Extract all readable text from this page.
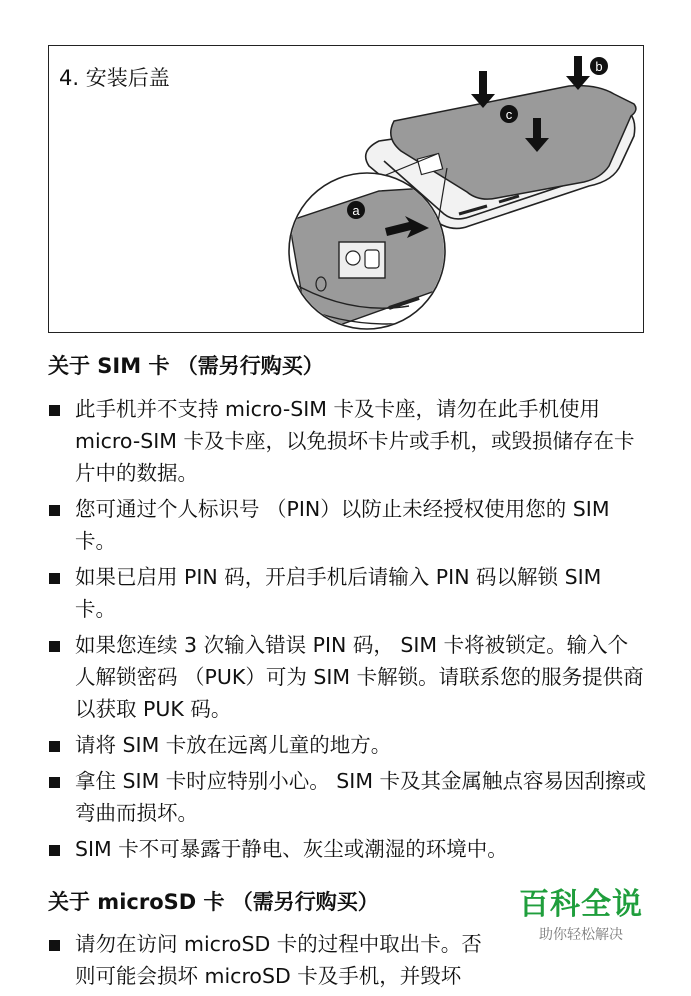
4. 安装后盖
a
b
c
关于 SIM 卡 （需另行购买）
此手机并不支持 micro-SIM 卡及卡座，请勿在此手机使用 micro-SIM 卡及卡座，以免损坏卡片或手机，或毁损储存在卡片中的数据。
您可通过个人标识号 （PIN）以防止未经授权使用您的 SIM 卡。
如果已启用 PIN 码，开启手机后请输入 PIN 码以解锁 SIM 卡。
如果您连续 3 次输入错误 PIN 码， SIM 卡将被锁定。输入个人解锁密码 （PUK）可为 SIM 卡解锁。请联系您的服务提供商以获取 PUK 码。
请将 SIM 卡放在远离儿童的地方。
拿住 SIM 卡时应特别小心。 SIM 卡及其金属触点容易因刮擦或弯曲而损坏。
SIM 卡不可暴露于静电、灰尘或潮湿的环境中。
关于 microSD 卡 （需另行购买）
请勿在访问 microSD 卡的过程中取出卡。否则可能会损坏 microSD 卡及手机，并毁坏
百科全说
助你轻松解决
